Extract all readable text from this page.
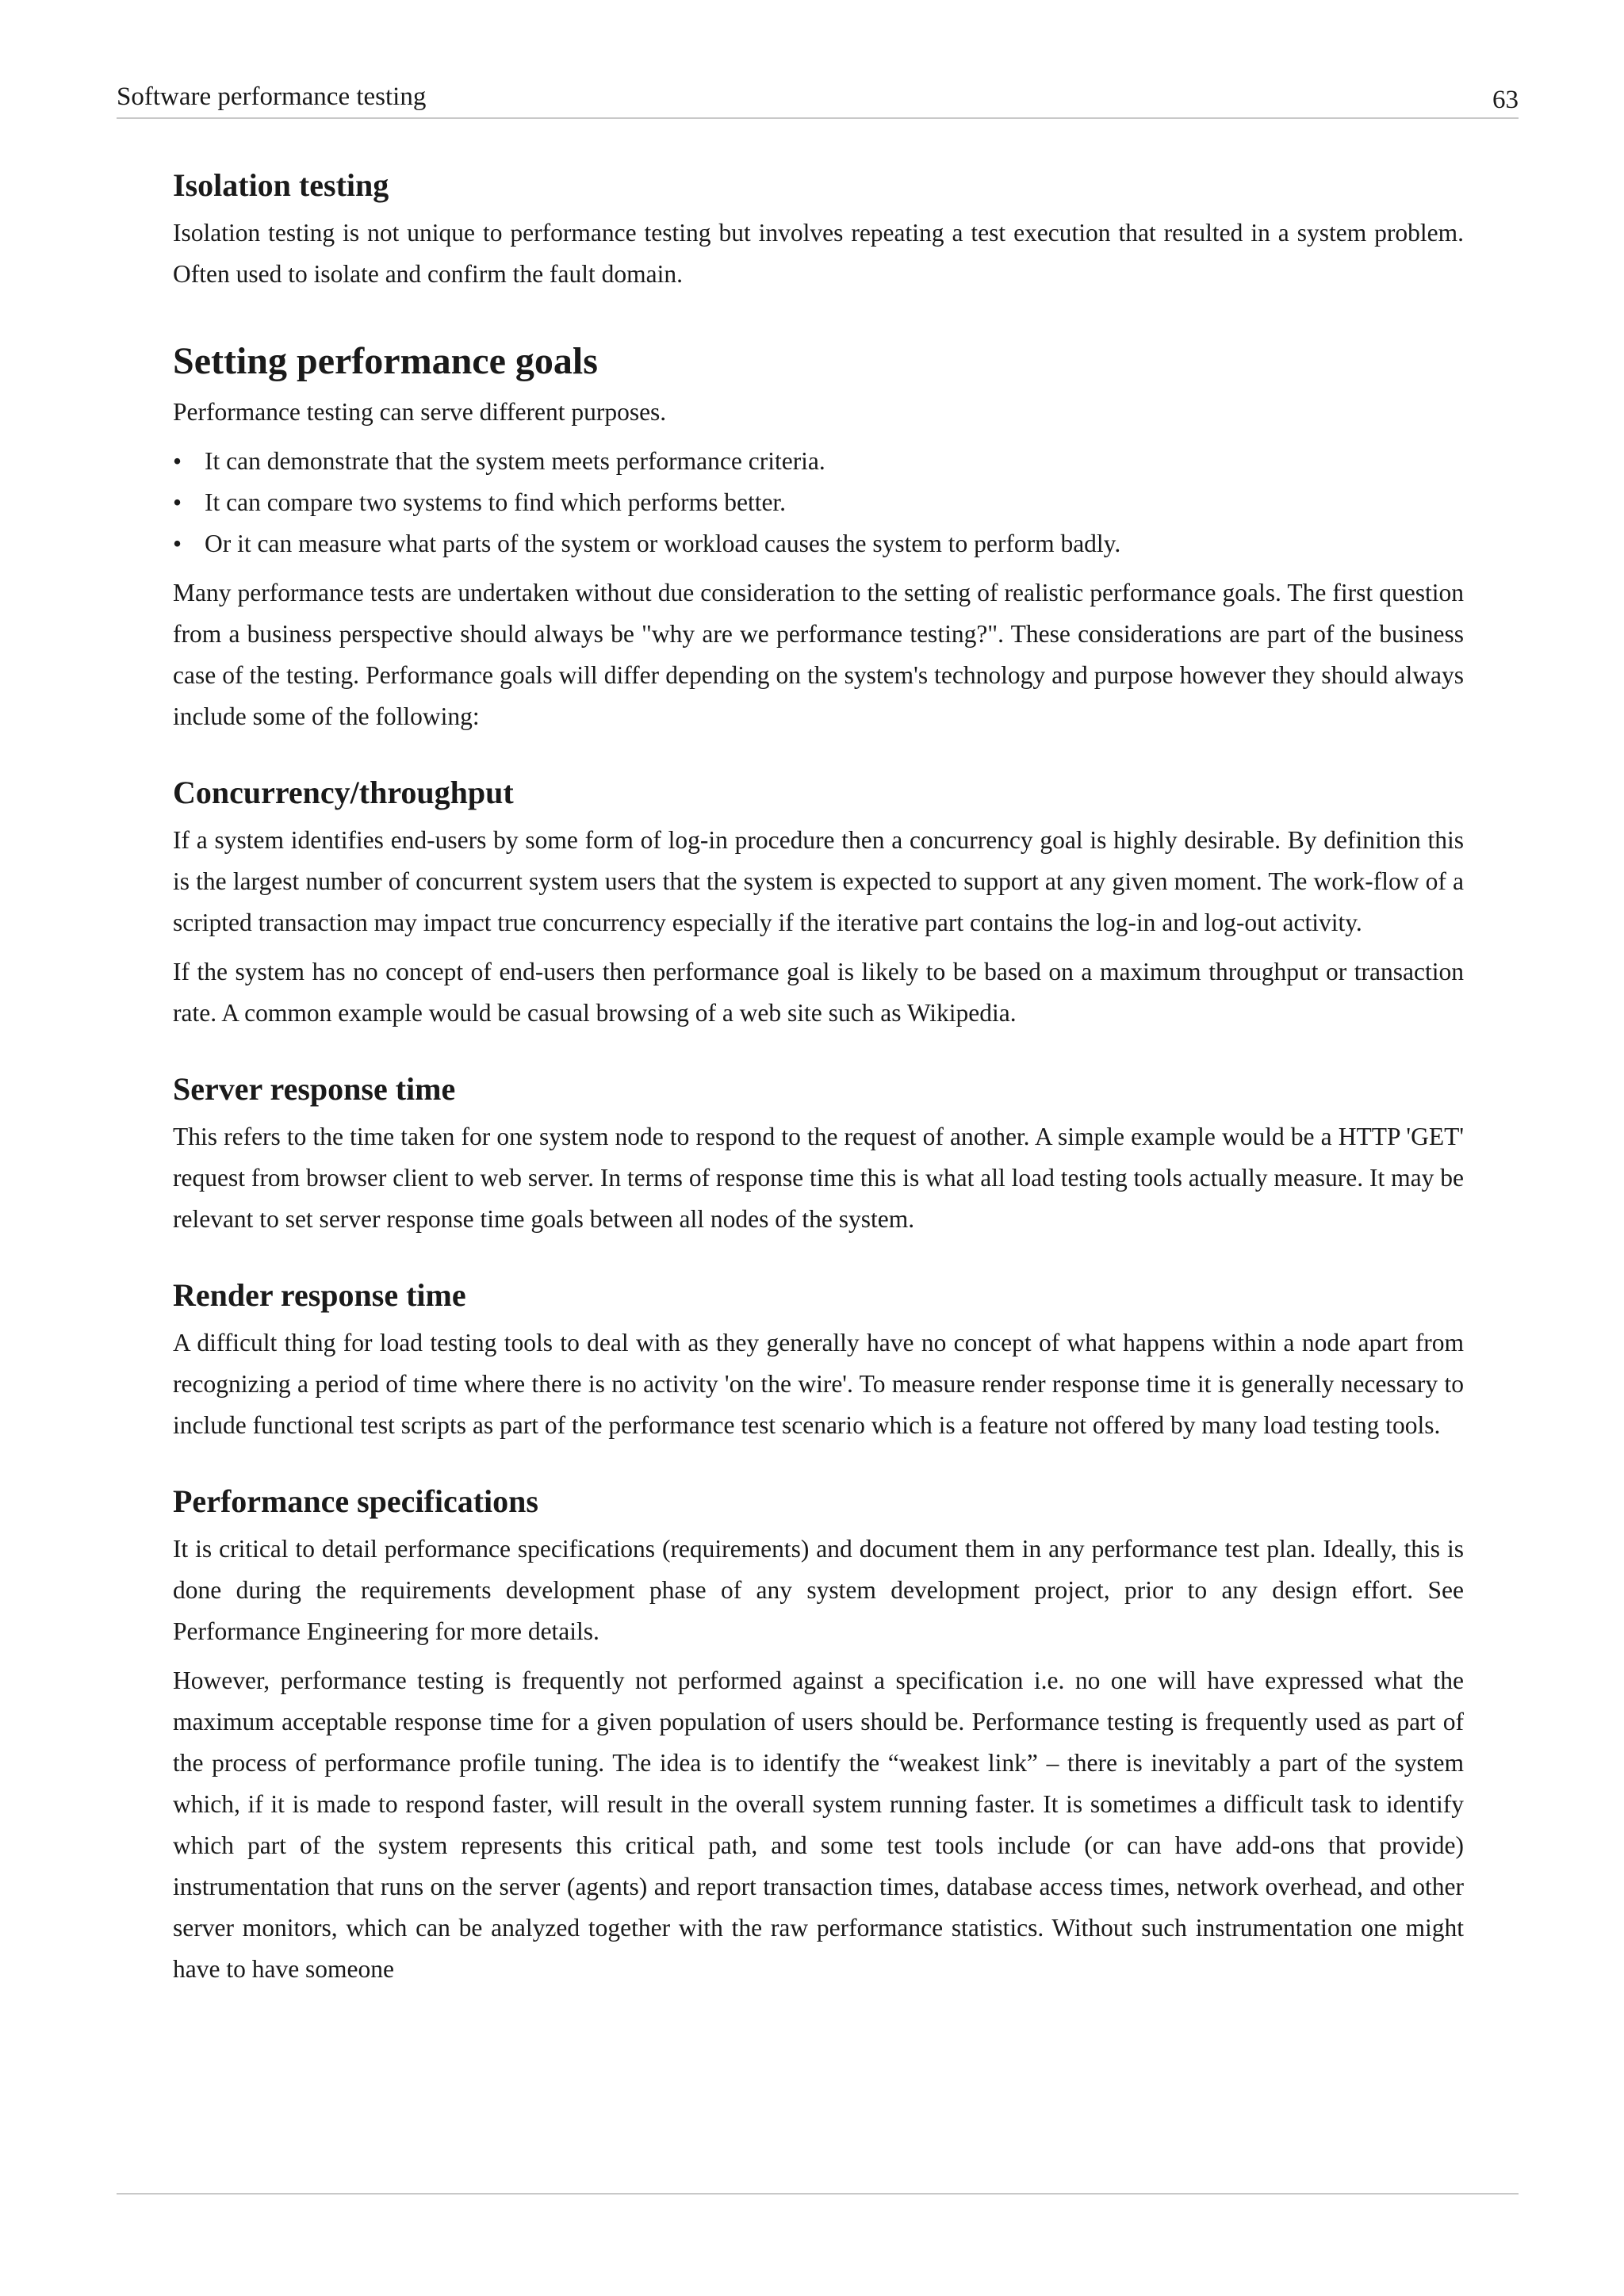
Software performance testing	63
Isolation testing

Isolation testing is not unique to performance testing but involves repeating a test execution that resulted in a system problem. Often used to isolate and confirm the fault domain.

Setting performance goals

Performance testing can serve different purposes.

• It can demonstrate that the system meets performance criteria.
• It can compare two systems to find which performs better.
• Or it can measure what parts of the system or workload causes the system to perform badly.

Many performance tests are undertaken without due consideration to the setting of realistic performance goals. The first question from a business perspective should always be "why are we performance testing?". These considerations are part of the business case of the testing. Performance goals will differ depending on the system's technology and purpose however they should always include some of the following:

Concurrency/throughput

If a system identifies end-users by some form of log-in procedure then a concurrency goal is highly desirable. By definition this is the largest number of concurrent system users that the system is expected to support at any given moment. The work-flow of a scripted transaction may impact true concurrency especially if the iterative part contains the log-in and log-out activity.

If the system has no concept of end-users then performance goal is likely to be based on a maximum throughput or transaction rate. A common example would be casual browsing of a web site such as Wikipedia.

Server response time

This refers to the time taken for one system node to respond to the request of another. A simple example would be a HTTP 'GET' request from browser client to web server. In terms of response time this is what all load testing tools actually measure. It may be relevant to set server response time goals between all nodes of the system.

Render response time

A difficult thing for load testing tools to deal with as they generally have no concept of what happens within a node apart from recognizing a period of time where there is no activity 'on the wire'. To measure render response time it is generally necessary to include functional test scripts as part of the performance test scenario which is a feature not offered by many load testing tools.

Performance specifications

It is critical to detail performance specifications (requirements) and document them in any performance test plan. Ideally, this is done during the requirements development phase of any system development project, prior to any design effort. See Performance Engineering for more details.

However, performance testing is frequently not performed against a specification i.e. no one will have expressed what the maximum acceptable response time for a given population of users should be. Performance testing is frequently used as part of the process of performance profile tuning. The idea is to identify the “weakest link” – there is inevitably a part of the system which, if it is made to respond faster, will result in the overall system running faster. It is sometimes a difficult task to identify which part of the system represents this critical path, and some test tools include (or can have add-ons that provide) instrumentation that runs on the server (agents) and report transaction times, database access times, network overhead, and other server monitors, which can be analyzed together with the raw performance statistics. Without such instrumentation one might have to have someone
